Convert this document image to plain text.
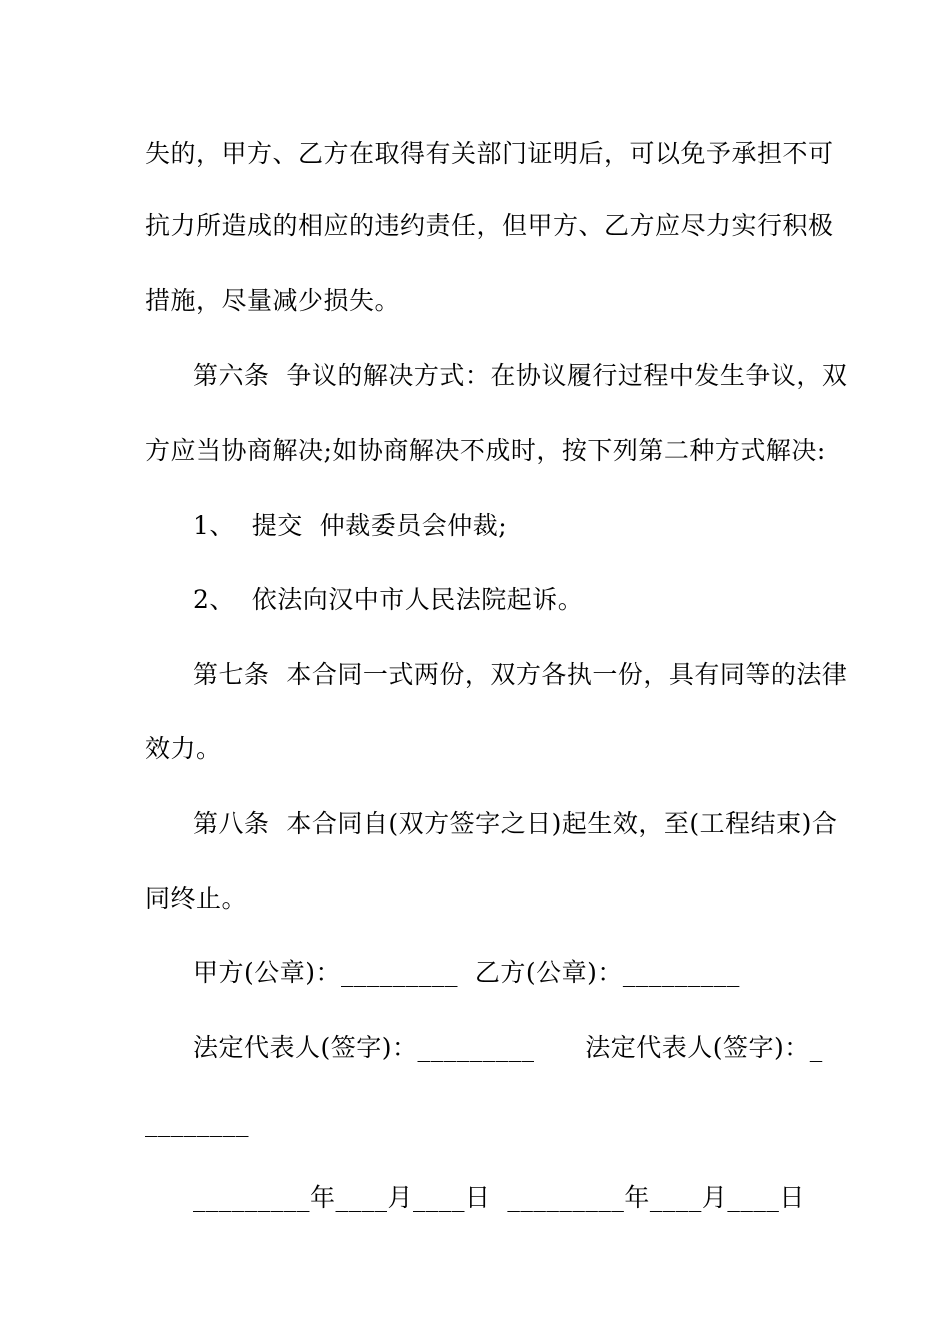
失的，甲方、乙方在取得有关部门证明后，可以免予承担不可
抗力所造成的相应的违约责任，但甲方、乙方应尽力实行积极
措施，尽量减少损失。
第六条  争议的解决方式：在协议履行过程中发生争议，双
方应当协商解决;如协商解决不成时，按下列第二种方式解决:
1、  提交  仲裁委员会仲裁;
2、  依法向汉中市人民法院起诉。
第七条  本合同一式两份，双方各执一份，具有同等的法律
效力。
第八条  本合同自(双方签字之日)起生效，至(工程结束)合
同终止。
甲方(公章)：_________  乙方(公章)：_________
法定代表人(签字)：_________      法定代表人(签字)：_
________
_________年____月____日  _________年____月____日
